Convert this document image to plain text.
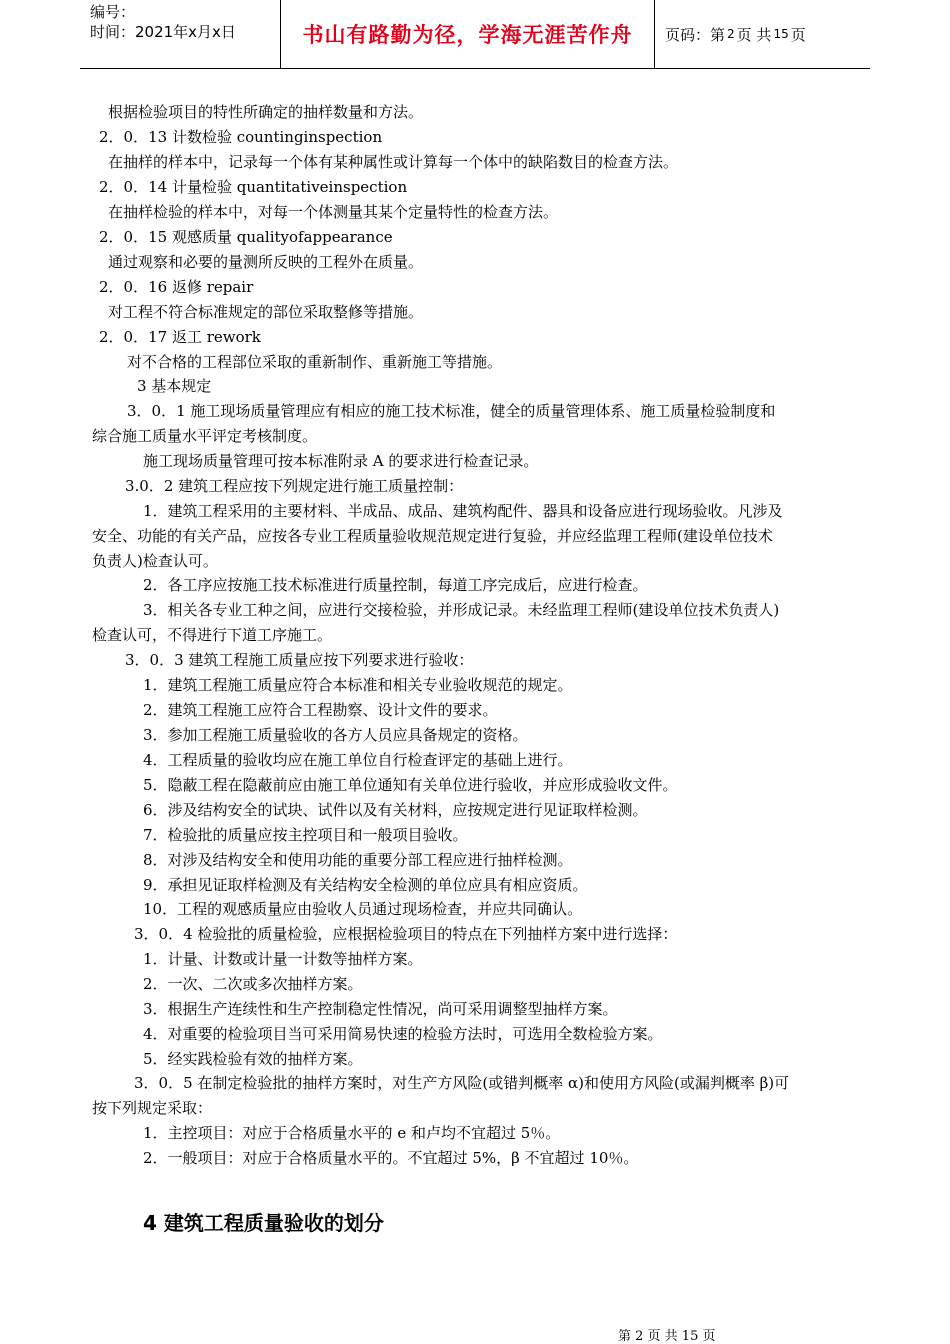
编号：
时间：2021年x月x日	书山有路勤为径，学海无涯苦作舟	页码：第 2 页 共 15 页
根据检验项目的特性所确定的抽样数量和方法。
2．0．13 计数检验 countinginspection
在抽样的样本中，记录每一个体有某种属性或计算每一个体中的缺陷数目的检查方法。
2．0．14 计量检验 quantitativeinspection
在抽样检验的样本中，对每一个体测量其某个定量特性的检查方法。
2．0．15 观感质量 qualityofappearance
通过观察和必要的量测所反映的工程外在质量。
2．0．16 返修 repair
对工程不符合标准规定的部位采取整修等措施。
2．0．17 返工 rework
对不合格的工程部位采取的重新制作、重新施工等措施。
3 基本规定
3．0．1 施工现场质量管理应有相应的施工技术标准，健全的质量管理体系、施工质量检验制度和
综合施工质量水平评定考核制度。
施工现场质量管理可按本标准附录 A 的要求进行检查记录。
3.0．2 建筑工程应按下列规定进行施工质量控制：
1．建筑工程采用的主要材料、半成品、成品、建筑构配件、器具和设备应进行现场验收。凡涉及
安全、功能的有关产品，应按各专业工程质量验收规范规定进行复验，并应经监理工程师(建设单位技术
负责人)检查认可。
2．各工序应按施工技术标准进行质量控制，每道工序完成后，应进行检查。
3．相关各专业工种之间，应进行交接检验，并形成记录。未经监理工程师(建设单位技术负责人)
检查认可，不得进行下道工序施工。
3．0．3 建筑工程施工质量应按下列要求进行验收：
1．建筑工程施工质量应符合本标准和相关专业验收规范的规定。
2．建筑工程施工应符合工程勘察、设计文件的要求。
3．参加工程施工质量验收的各方人员应具备规定的资格。
4．工程质量的验收均应在施工单位自行检查评定的基础上进行。
5．隐蔽工程在隐蔽前应由施工单位通知有关单位进行验收，并应形成验收文件。
6．涉及结构安全的试块、试件以及有关材料，应按规定进行见证取样检测。
7．检验批的质量应按主控项目和一般项目验收。
8．对涉及结构安全和使用功能的重要分部工程应进行抽样检测。
9．承担见证取样检测及有关结构安全检测的单位应具有相应资质。
10．工程的观感质量应由验收人员通过现场检查，并应共同确认。
3．0．4 检验批的质量检验，应根据检验项目的特点在下列抽样方案中进行选择：
1．计量、计数或计量一计数等抽样方案。
2．一次、二次或多次抽样方案。
3．根据生产连续性和生产控制稳定性情况，尚可采用调整型抽样方案。
4．对重要的检验项目当可采用简易快速的检验方法时，可选用全数检验方案。
5．经实践检验有效的抽样方案。
3．0．5 在制定检验批的抽样方案时，对生产方风险(或错判概率 α)和使用方风险(或漏判概率 β)可
按下列规定采取：
1．主控项目：对应于合格质量水平的 e 和卢均不宜超过 5％。
2．一般项目：对应于合格质量水平的。不宜超过 5%，β 不宜超过 10％。
4 建筑工程质量验收的划分
第 2 页 共 15 页
